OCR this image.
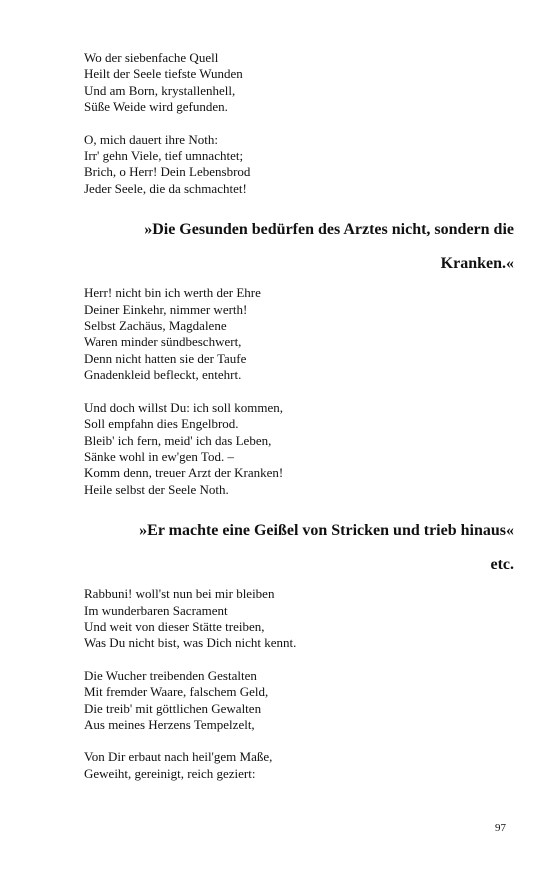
Wo der siebenfache Quell
Heilt der Seele tiefste Wunden
Und am Born, krystallenhell,
Süße Weide wird gefunden.
O, mich dauert ihre Noth:
Irr' gehn Viele, tief umnachtet;
Brich, o Herr! Dein Lebensbrod
Jeder Seele, die da schmachtet!
»Die Gesunden bedürfen des Arztes nicht, sondern die
Kranken.«
Herr! nicht bin ich werth der Ehre
Deiner Einkehr, nimmer werth!
Selbst Zachäus, Magdalene
Waren minder sündbeschwert,
Denn nicht hatten sie der Taufe
Gnadenkleid befleckt, entehrt.
Und doch willst Du: ich soll kommen,
Soll empfahn dies Engelbrod.
Bleib' ich fern, meid' ich das Leben,
Sänke wohl in ew'gen Tod. –
Komm denn, treuer Arzt der Kranken!
Heile selbst der Seele Noth.
»Er machte eine Geißel von Stricken und trieb hinaus«
etc.
Rabbuni! woll'st nun bei mir bleiben
Im wunderbaren Sacrament
Und weit von dieser Stätte treiben,
Was Du nicht bist, was Dich nicht kennt.
Die Wucher treibenden Gestalten
Mit fremder Waare, falschem Geld,
Die treib' mit göttlichen Gewalten
Aus meines Herzens Tempelzelt,
Von Dir erbaut nach heil'gem Maße,
Geweiht, gereinigt, reich geziert:
97
